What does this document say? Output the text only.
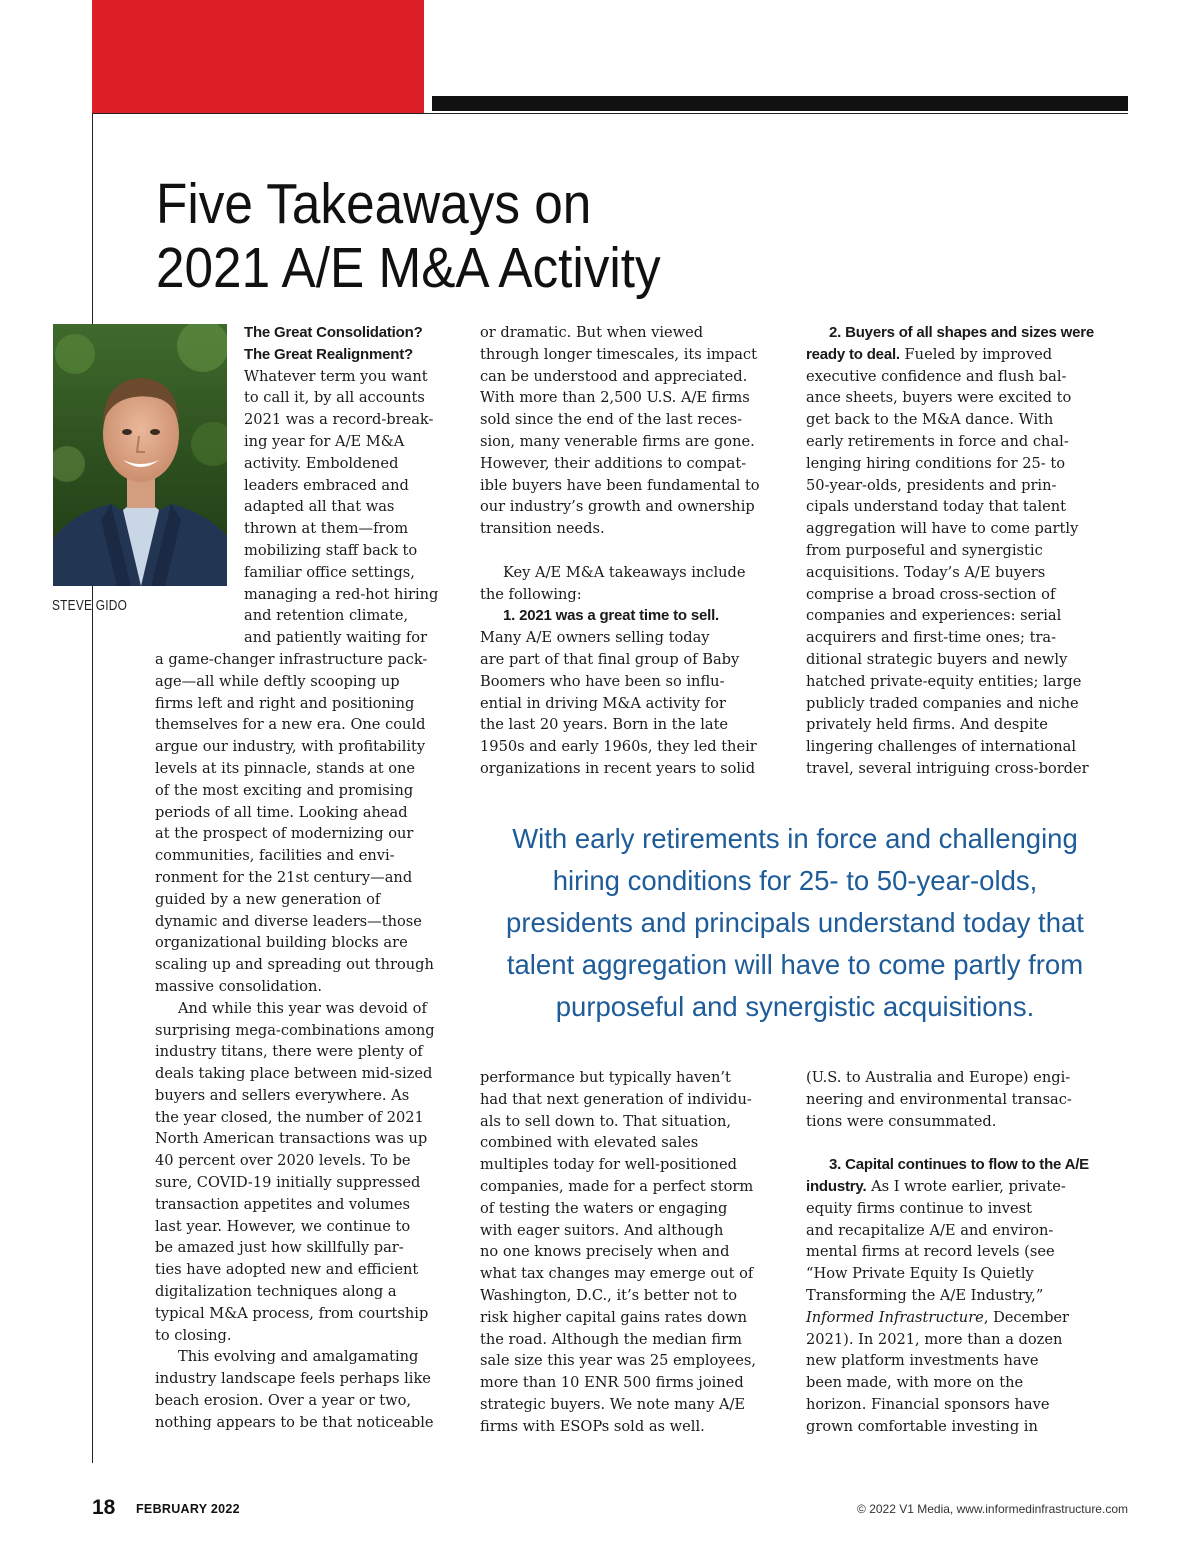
EXECUTIVE CORNER
Five Takeaways on
2021 A/E M&A Activity
STEVE GIDO
The Great Consolidation?
The Great Realignment?
Whatever term you want
to call it, by all accounts
2021 was a record-break-
ing year for A/E M&A
activity. Emboldened
leaders embraced and
adapted all that was
thrown at them—from
mobilizing staff back to
familiar office settings,
managing a red-hot hiring
and retention climate,
and patiently waiting for
a game-changer infrastructure pack-
age—all while deftly scooping up
firms left and right and positioning
themselves for a new era. One could
argue our industry, with profitability
levels at its pinnacle, stands at one
of the most exciting and promising
periods of all time. Looking ahead
at the prospect of modernizing our
communities, facilities and envi-
ronment for the 21st century—and
guided by a new generation of
dynamic and diverse leaders—those
organizational building blocks are
scaling up and spreading out through
massive consolidation.
And while this year was devoid of
surprising mega-combinations among
industry titans, there were plenty of
deals taking place between mid-sized
buyers and sellers everywhere. As
the year closed, the number of 2021
North American transactions was up
40 percent over 2020 levels. To be
sure, COVID-19 initially suppressed
transaction appetites and volumes
last year. However, we continue to
be amazed just how skillfully par-
ties have adopted new and efficient
digitalization techniques along a
typical M&A process, from courtship
to closing.
This evolving and amalgamating
industry landscape feels perhaps like
beach erosion. Over a year or two,
nothing appears to be that noticeable
or dramatic. But when viewed
through longer timescales, its impact
can be understood and appreciated.
With more than 2,500 U.S. A/E firms
sold since the end of the last reces-
sion, many venerable firms are gone.
However, their additions to compat-
ible buyers have been fundamental to
our industry’s growth and ownership
transition needs.
Key A/E M&A takeaways include
the following:
1. 2021 was a great time to sell.
Many A/E owners selling today
are part of that final group of Baby
Boomers who have been so influ-
ential in driving M&A activity for
the last 20 years. Born in the late
1950s and early 1960s, they led their
organizations in recent years to solid
2. Buyers of all shapes and sizes were
ready to deal. Fueled by improved
executive confidence and flush bal-
ance sheets, buyers were excited to
get back to the M&A dance. With
early retirements in force and chal-
lenging hiring conditions for 25- to
50-year-olds, presidents and prin-
cipals understand today that talent
aggregation will have to come partly
from purposeful and synergistic
acquisitions. Today’s A/E buyers
comprise a broad cross-section of
companies and experiences: serial
acquirers and first-time ones; tra-
ditional strategic buyers and newly
hatched private-equity entities; large
publicly traded companies and niche
privately held firms. And despite
lingering challenges of international
travel, several intriguing cross-border
With early retirements in force and challenging
hiring conditions for 25- to 50-year-olds,
presidents and principals understand today that
talent aggregation will have to come partly from
purposeful and synergistic acquisitions.
performance but typically haven’t
had that next generation of individu-
als to sell down to. That situation,
combined with elevated sales
multiples today for well-positioned
companies, made for a perfect storm
of testing the waters or engaging
with eager suitors. And although
no one knows precisely when and
what tax changes may emerge out of
Washington, D.C., it’s better not to
risk higher capital gains rates down
the road. Although the median firm
sale size this year was 25 employees,
more than 10 ENR 500 firms joined
strategic buyers. We note many A/E
firms with ESOPs sold as well.
(U.S. to Australia and Europe) engi-
neering and environmental transac-
tions were consummated.
3. Capital continues to flow to the A/E
industry. As I wrote earlier, private-
equity firms continue to invest
and recapitalize A/E and environ-
mental firms at record levels (see
“How Private Equity Is Quietly
Transforming the A/E Industry,”
Informed Infrastructure, December
2021). In 2021, more than a dozen
new platform investments have
been made, with more on the
horizon. Financial sponsors have
grown comfortable investing in
18 FEBRUARY 2022	© 2022 V1 Media, www.informedinfrastructure.com
